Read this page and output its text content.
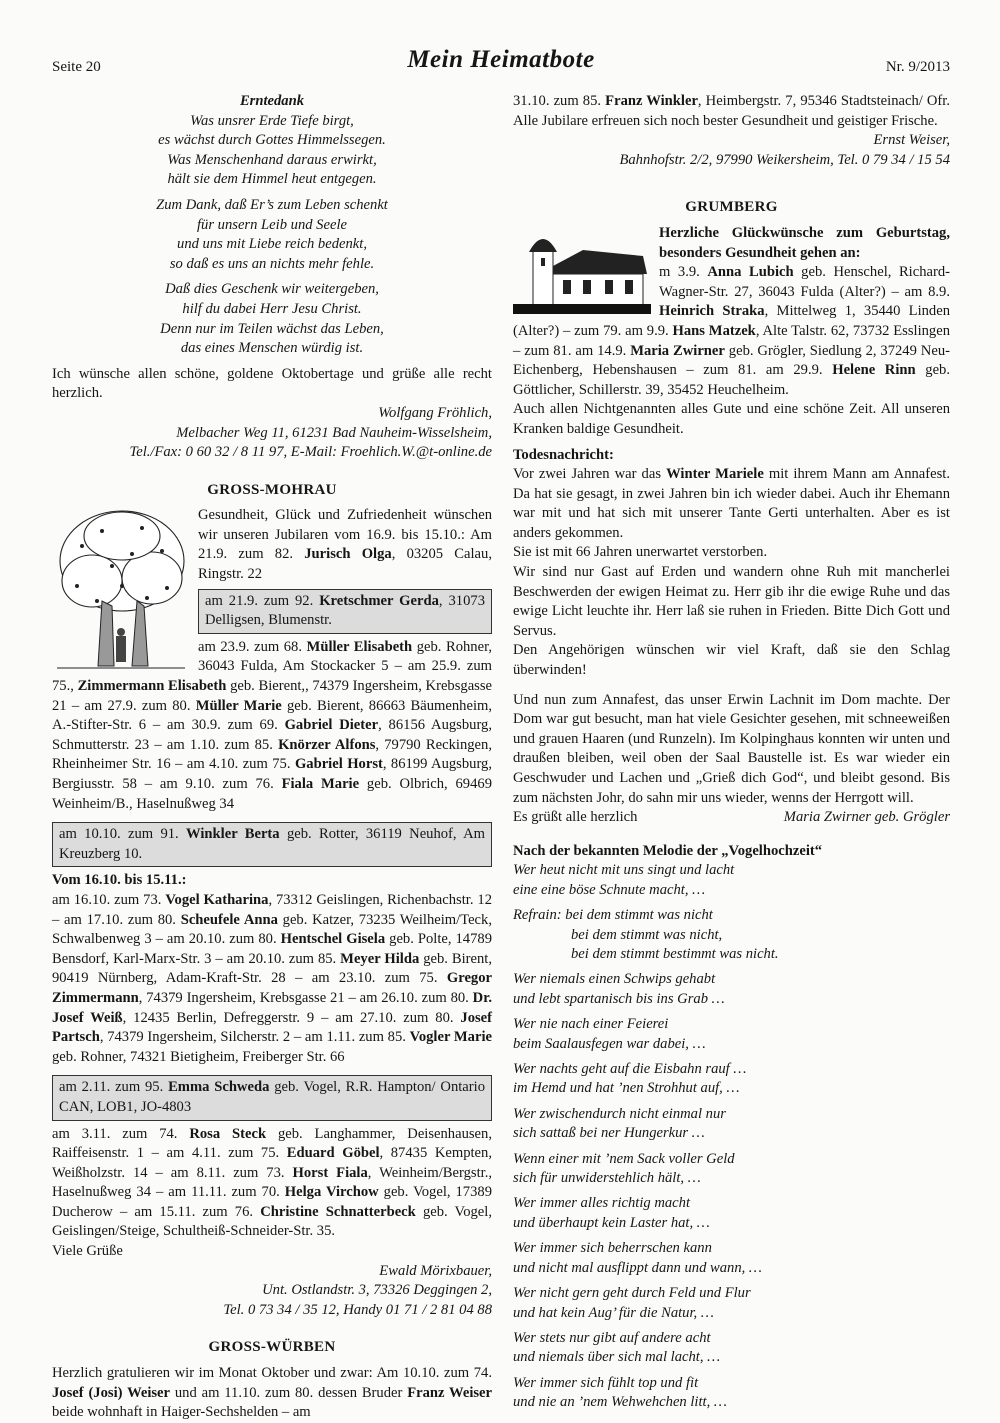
Seite 20	Mein Heimatbote	Nr. 9/2013
Erntedank
Was unsrer Erde Tiefe birgt,
es wächst durch Gottes Himmelssegen.
Was Menschenhand daraus erwirkt,
hält sie dem Himmel heut entgegen.
Zum Dank, daß Er’s zum Leben schenkt
für unsern Leib und Seele
und uns mit Liebe reich bedenkt,
so daß es uns an nichts mehr fehle.
Daß dies Geschenk wir weitergeben,
hilf du dabei Herr Jesu Christ.
Denn nur im Teilen wächst das Leben,
das eines Menschen würdig ist.

Ich wünsche allen schöne, goldene Oktobertage und grüße alle recht herzlich.

Wolfgang Fröhlich,
Melbacher Weg 11, 61231 Bad Nauheim-Wisselsheim,
Tel./Fax: 0 60 32 / 8 11 97, E-Mail: Froehlich.W.@t-online.de
GROSS-MOHRAU

Gesundheit, Glück und Zufriedenheit wünschen wir unseren Jubilaren vom 16.9. bis 15.10.: Am 21.9. zum 82. Jurisch Olga, 03205 Calau, Ringstr. 22

am 21.9. zum 92. Kretschmer Gerda, 31073 Delligsen, Blumenstr.

am 23.9. zum 68. Müller Elisabeth geb. Rohner, 36043 Fulda, Am Stockacker 5 – am 25.9. zum 75., Zimmermann Elisabeth geb. Bierent,, 74379 Ingersheim, Krebsgasse 21 – am 27.9. zum 80. Müller Marie geb. Bierent, 86663 Bäumenheim, A.-Stifter-Str. 6 – am 30.9. zum 69. Gabriel Dieter, 86156 Augsburg, Schmutterstr. 23 – am 1.10. zum 85. Knörzer Alfons, 79790 Reckingen, Rheinheimer Str. 16 – am 4.10. zum 75. Gabriel Horst, 86199 Augsburg, Bergiusstr. 58 – am 9.10. zum 76. Fiala Marie geb. Olbrich, 69469 Weinheim/B., Haselnußweg 34

am 10.10. zum 91. Winkler Berta geb. Rotter, 36119 Neuhof, Am Kreuzberg 10.

Vom 16.10. bis 15.11.:

am 16.10. zum 73. Vogel Katharina, 73312 Geislingen, Richenbachstr. 12 – am 17.10. zum 80. Scheufele Anna geb. Katzer, 73235 Weilheim/Teck, Schwalbenweg 3 – am 20.10. zum 80. Hentschel Gisela geb. Polte, 14789 Bensdorf, Karl-Marx-Str. 3 – am 20.10. zum 85. Meyer Hilda geb. Birent, 90419 Nürnberg, Adam-Kraft-Str. 28 – am 23.10. zum 75. Gregor Zimmermann, 74379 Ingersheim, Krebsgasse 21 – am 26.10. zum 80. Dr. Josef Weiß, 12435 Berlin, Defreggerstr. 9 – am 27.10. zum 80. Josef Partsch, 74379 Ingersheim, Silcherstr. 2 – am 1.11. zum 85. Vogler Marie geb. Rohner, 74321 Bietigheim, Freiberger Str. 66

am 2.11. zum 95. Emma Schweda geb. Vogel, R.R. Hampton/ Ontario CAN, LOB1, JO-4803

am 3.11. zum 74. Rosa Steck geb. Langhammer, Deisenhausen, Raiffeisenstr. 1 – am 4.11. zum 75. Eduard Göbel, 87435 Kempten, Weißholzstr. 14 – am 8.11. zum 73. Horst Fiala, Weinheim/Bergstr., Haselnußweg 34 – am 11.11. zum 70. Helga Virchow geb. Vogel, 17389 Ducherow – am 15.11. zum 76. Christine Schnatterbeck geb. Vogel, Geislingen/Steige, Schultheiß-Schneider-Str. 35.

Viele Grüße

Ewald Mörixbauer,
Unt. Ostlandstr. 3, 73326 Deggingen 2,
Tel. 0 73 34 / 35 12, Handy 01 71 / 2 81 04 88
GROSS-WÜRBEN

Herzlich gratulieren wir im Monat Oktober und zwar: Am 10.10. zum 74. Josef (Josi) Weiser und am 11.10. zum 80. dessen Bruder Franz Weiser beide wohnhaft in Haiger-Sechshelden – am

31.10. zum 85. Franz Winkler, Heimbergstr. 7, 95346 Stadtsteinach/ Ofr. Alle Jubilare erfreuen sich noch bester Gesundheit und geistiger Frische.

Ernst Weiser,
Bahnhofstr. 2/2, 97990 Weikersheim, Tel. 0 79 34 / 15 54
GRUMBERG

Herzliche Glückwünsche zum Geburtstag, besonders Gesundheit gehen an:

m 3.9. Anna Lubich geb. Henschel, Richard-Wagner-Str. 27, 36043 Fulda (Alter?) – am 8.9. Heinrich Straka, Mittelweg 1, 35440 Linden (Alter?) – zum 79. am 9.9. Hans Matzek, Alte Talstr. 62, 73732 Esslingen – zum 81. am 14.9. Maria Zwirner geb. Grögler, Siedlung 2, 37249 Neu-Eichenberg, Hebenshausen – zum 81. am 29.9. Helene Rinn geb. Göttlicher, Schillerstr. 39, 35452 Heuchelheim.

Auch allen Nichtgenannten alles Gute und eine schöne Zeit. All unseren Kranken baldige Gesundheit.

Todesnachricht:

Vor zwei Jahren war das Winter Mariele mit ihrem Mann am Annafest. Da hat sie gesagt, in zwei Jahren bin ich wieder dabei. Auch ihr Ehemann war mit und hat sich mit unserer Tante Gerti unterhalten. Aber es ist anders gekommen.

Sie ist mit 66 Jahren unerwartet verstorben.

Wir sind nur Gast auf Erden und wandern ohne Ruh mit mancherlei Beschwerden der ewigen Heimat zu. Herr gib ihr die ewige Ruhe und das ewige Licht leuchte ihr. Herr laß sie ruhen in Frieden. Bitte Dich Gott und Servus.

Den Angehörigen wünschen wir viel Kraft, daß sie den Schlag überwinden!

Und nun zum Annafest, das unser Erwin Lachnit im Dom machte. Der Dom war gut besucht, man hat viele Gesichter gesehen, mit schneeweißen und grauen Haaren (und Runzeln). Im Kolpinghaus konnten wir unten und draußen bleiben, weil oben der Saal Baustelle ist. Es war wieder ein Geschwuder und Lachen und „Grieß dich God“, und bleibt gesond. Bis zum nächsten Johr, do sahn mir uns wieder, wenns der Herrgott will.

Es grüßt alle herzlich	Maria Zwirner geb. Grögler

Nach der bekannten Melodie der „Vogelhochzeit“

Wer heut nicht mit uns singt und lacht
eine eine böse Schnute macht, …
Refrain: bei dem stimmt was nicht
bei dem stimmt was nicht,
bei dem stimmt bestimmt was nicht.
Wer niemals einen Schwips gehabt
und lebt spartanisch bis ins Grab …
Wer nie nach einer Feierei
beim Saalausfegen war dabei, …
Wer nachts geht auf die Eisbahn rauf …
im Hemd und hat ’nen Strohhut auf, …
Wer zwischendurch nicht einmal nur
sich sattaß bei ner Hungerkur …
Wenn einer mit ’nem Sack voller Geld
sich für unwiderstehlich hält, …
Wer immer alles richtig macht
und überhaupt kein Laster hat, …
Wer immer sich beherrschen kann
und nicht mal ausflippt dann und wann, …
Wer nicht gern geht durch Feld und Flur
und hat kein Aug’ für die Natur, …
Wer stets nur gibt auf andere acht
und niemals über sich mal lacht, …
Wer immer sich fühlt top und fit
und nie an ’nem Wehwehchen litt, …
